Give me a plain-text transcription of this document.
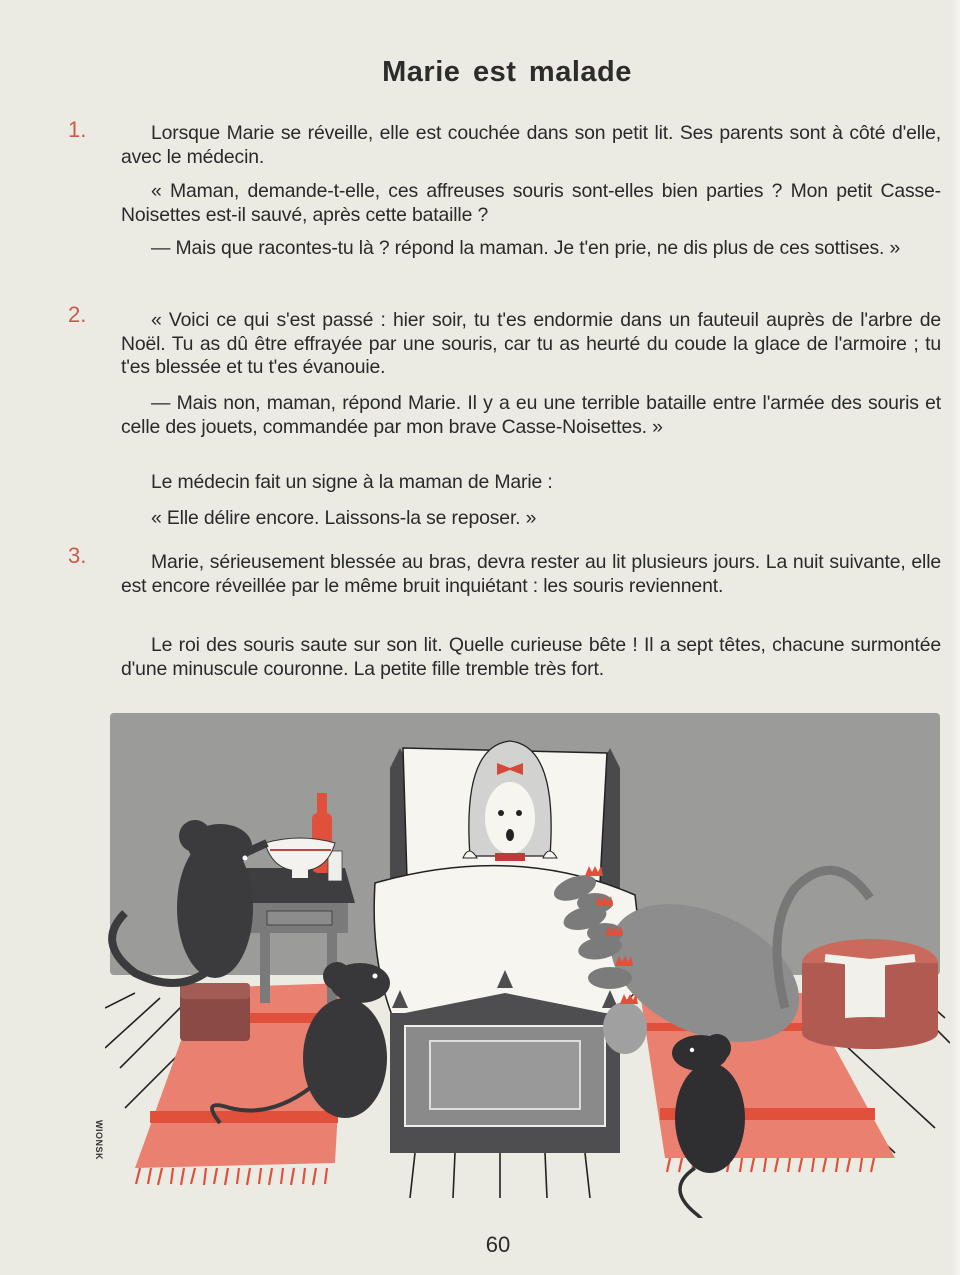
Marie est malade
1.	Lorsque Marie se réveille, elle est couchée dans son petit lit. Ses parents sont à côté d'elle, avec le médecin.
« Maman, demande-t-elle, ces affreuses souris sont-elles bien parties ? Mon petit Casse-Noisettes est-il sauvé, après cette bataille ?
— Mais que racontes-tu là ? répond la maman. Je t'en prie, ne dis plus de ces sottises. »
2.	« Voici ce qui s'est passé : hier soir, tu t'es endormie dans un fauteuil auprès de l'arbre de Noël. Tu as dû être effrayée par une souris, car tu as heurté du coude la glace de l'armoire ; tu t'es blessée et tu t'es évanouie.
— Mais non, maman, répond Marie. Il y a eu une terrible bataille entre l'armée des souris et celle des jouets, commandée par mon brave Casse-Noisettes. »
Le médecin fait un signe à la maman de Marie :
« Elle délire encore. Laissons-la se reposer. »
3.	Marie, sérieusement blessée au bras, devra rester au lit plusieurs jours. La nuit suivante, elle est encore réveillée par le même bruit inquiétant : les souris reviennent.
Le roi des souris saute sur son lit. Quelle curieuse bête ! Il a sept têtes, chacune surmontée d'une minuscule couronne. La petite fille tremble très fort.
WIONSK
60
